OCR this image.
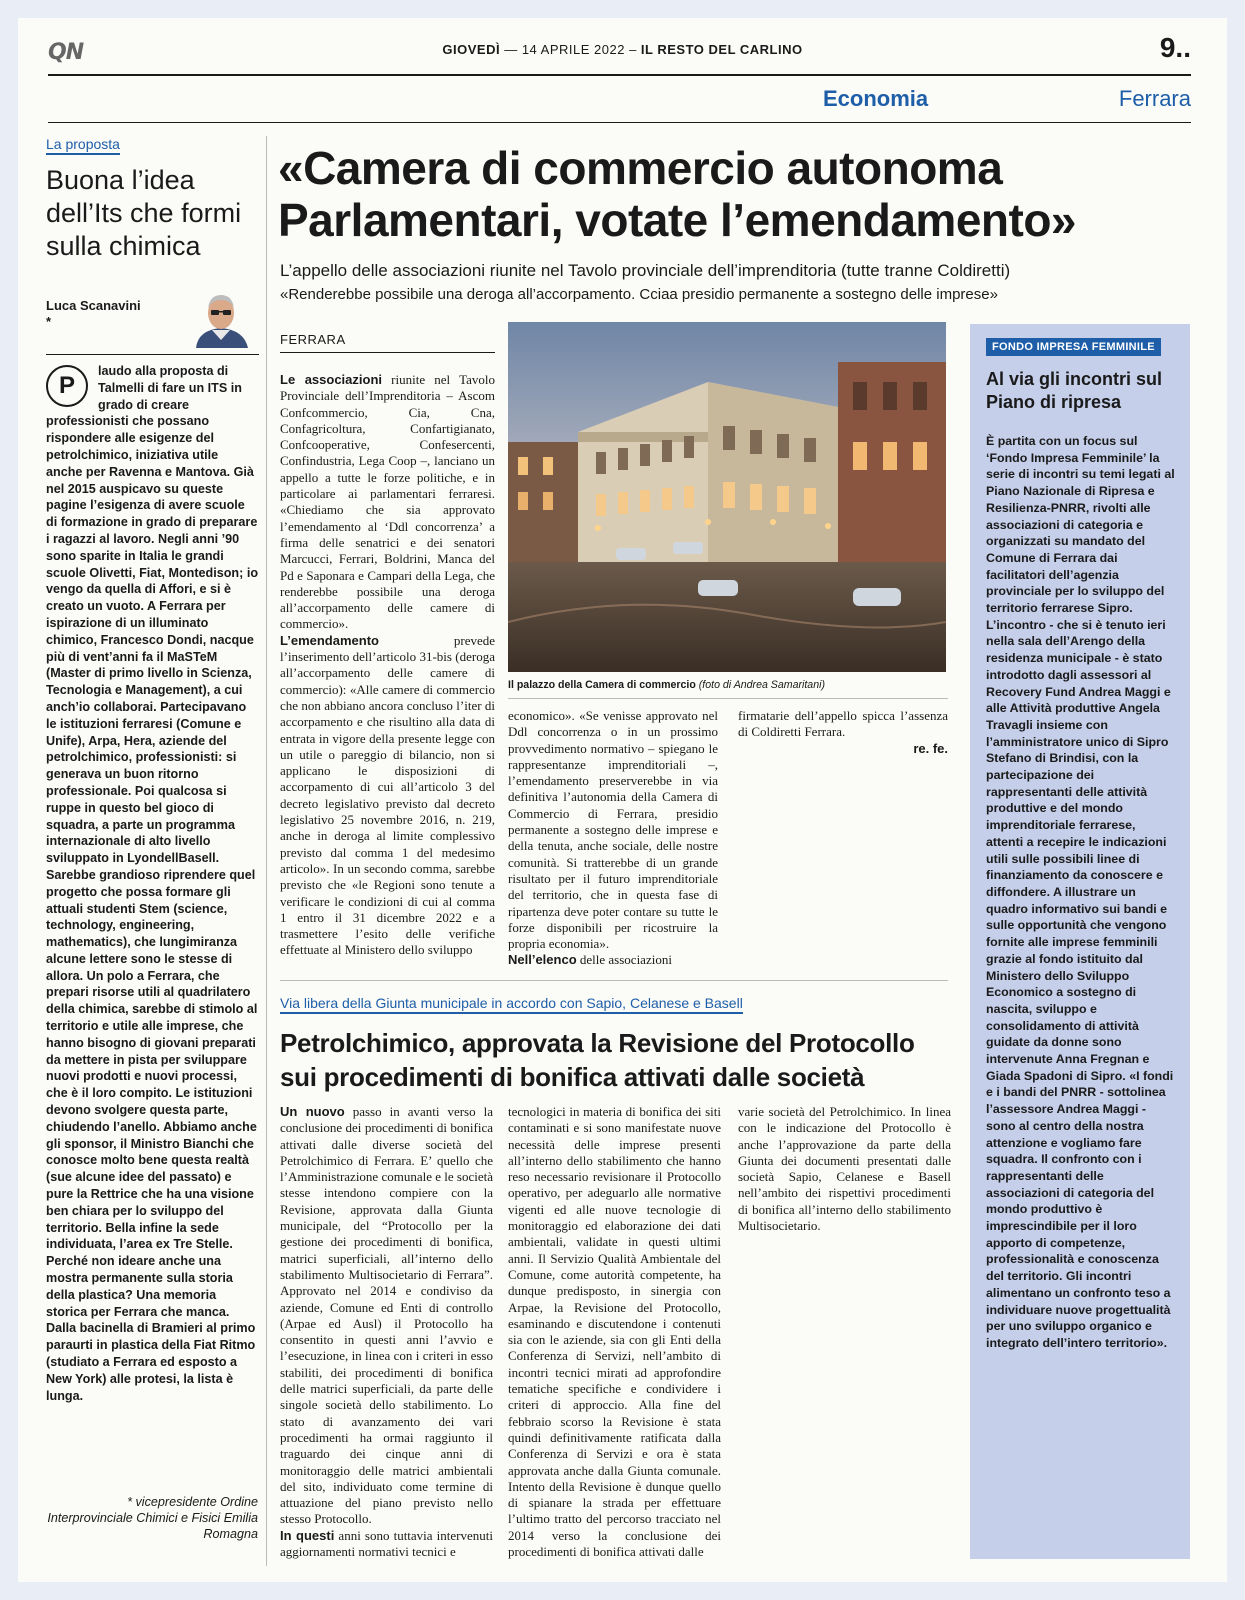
QN	GIOVEDÌ — 14 APRILE 2022 – IL RESTO DEL CARLINO	9..
Economia	Ferrara
La proposta
Buona l’idea dell’Its che formi sulla chimica
Luca Scanavini *
P
laudo alla proposta di Talmelli di fare un ITS in grado di creare professionisti che possano rispondere alle esigenze del petrolchimico, iniziativa utile anche per Ravenna e Mantova. Già nel 2015 auspicavo su queste pagine l’esigenza di avere scuole di formazione in grado di preparare i ragazzi al lavoro. Negli anni ’90 sono sparite in Italia le grandi scuole Olivetti, Fiat, Montedison; io vengo da quella di Affori, e si è creato un vuoto. A Ferrara per ispirazione di un illuminato chimico, Francesco Dondi, nacque più di vent’anni fa il MaSTeM (Master di primo livello in Scienza, Tecnologia e Management), a cui anch’io collaborai. Partecipavano le istituzioni ferraresi (Comune e Unife), Arpa, Hera, aziende del petrolchimico, professionisti: si generava un buon ritorno professionale. Poi qualcosa si ruppe in questo bel gioco di squadra, a parte un programma internazionale di alto livello sviluppato in LyondellBasell. Sarebbe grandioso riprendere quel progetto che possa formare gli attuali studenti Stem (science, technology, engineering, mathematics), che lungimiranza alcune lettere sono le stesse di allora. Un polo a Ferrara, che prepari risorse utili al quadrilatero della chimica, sarebbe di stimolo al territorio e utile alle imprese, che hanno bisogno di giovani preparati da mettere in pista per sviluppare nuovi prodotti e nuovi processi, che è il loro compito. Le istituzioni devono svolgere questa parte, chiudendo l’anello. Abbiamo anche gli sponsor, il Ministro Bianchi che conosce molto bene questa realtà (sue alcune idee del passato) e pure la Rettrice che ha una visione ben chiara per lo sviluppo del territorio. Bella infine la sede individuata, l’area ex Tre Stelle. Perché non ideare anche una mostra permanente sulla storia della plastica? Una memoria storica per Ferrara che manca. Dalla bacinella di Bramieri al primo paraurti in plastica della Fiat Ritmo (studiato a Ferrara ed esposto a New York) alle protesi, la lista è lunga.
* vicepresidente Ordine Interprovinciale Chimici e Fisici Emilia Romagna
«Camera di commercio autonoma Parlamentari, votate l’emendamento»
L’appello delle associazioni riunite nel Tavolo provinciale dell’imprenditoria (tutte tranne Coldiretti)
«Renderebbe possibile una deroga all’accorpamento. Cciaa presidio permanente a sostegno delle imprese»
FERRARA
Il palazzo della Camera di commercio (foto di Andrea Samaritani)

Le associazioni riunite nel Tavolo Provinciale dell’Imprenditoria – Ascom Confcommercio, Cia, Cna, Confagricoltura, Confartigianato, Confcooperative, Confesercenti, Confindustria, Lega Coop –, lanciano un appello a tutte le forze politiche, e in particolare ai parlamentari ferraresi. «Chiediamo che sia approvato l’emendamento al ‘Ddl concorrenza’ a firma delle senatrici e dei senatori Marcucci, Ferrari, Boldrini, Manca del Pd e Saponara e Campari della Lega, che renderebbe possibile una deroga all’accorpamento delle camere di commercio».

L’emendamento prevede l’inserimento dell’articolo 31-bis (deroga all’accorpamento delle camere di commercio): «Alle camere di commercio che non abbiano ancora concluso l’iter di accorpamento e che risultino alla data di entrata in vigore della presente legge con un utile o pareggio di bilancio, non si applicano le disposizioni di accorpamento di cui all’articolo 3 del decreto legislativo previsto dal decreto legislativo 25 novembre 2016, n. 219, anche in deroga al limite complessivo previsto dal comma 1 del medesimo articolo». In un secondo comma, sarebbe previsto che «le Regioni sono tenute a verificare le condizioni di cui al comma 1 entro il 31 dicembre 2022 e a trasmettere l’esito delle verifiche effettuate al Ministero dello sviluppo

economico». «Se venisse approvato nel Ddl concorrenza o in un prossimo provvedimento normativo – spiegano le rappresentanze imprenditoriali –, l’emendamento preserverebbe in via definitiva l’autonomia della Camera di Commercio di Ferrara, presidio permanente a sostegno delle imprese e della tenuta, anche sociale, delle nostre comunità. Si tratterebbe di un grande risultato per il futuro imprenditoriale del territorio, che in questa fase di ripartenza deve poter contare su tutte le forze disponibili per ricostruire la propria economia».

Nell’elenco delle associazioni

firmatarie dell’appello spicca l’assenza di Coldiretti Ferrara.

re. fe.
FONDO IMPRESA FEMMINILE
Al via gli incontri sul Piano di ripresa
È partita con un focus sul ‘Fondo Impresa Femminile’ la serie di incontri su temi legati al Piano Nazionale di Ripresa e Resilienza-PNRR, rivolti alle associazioni di categoria e organizzati su mandato del Comune di Ferrara dai facilitatori dell’agenzia provinciale per lo sviluppo del territorio ferrarese Sipro. L’incontro - che si è tenuto ieri nella sala dell’Arengo della residenza municipale - è stato introdotto dagli assessori al Recovery Fund Andrea Maggi e alle Attività produttive Angela Travagli insieme con l’amministratore unico di Sipro Stefano di Brindisi, con la partecipazione dei rappresentanti delle attività produttive e del mondo imprenditoriale ferrarese, attenti a recepire le indicazioni utili sulle possibili linee di finanziamento da conoscere e diffondere. A illustrare un quadro informativo sui bandi e sulle opportunità che vengono fornite alle imprese femminili grazie al fondo istituito dal Ministero dello Sviluppo Economico a sostegno di nascita, sviluppo e consolidamento di attività guidate da donne sono intervenute Anna Fregnan e Giada Spadoni di Sipro. «I fondi e i bandi del PNRR - sottolinea l’assessore Andrea Maggi - sono al centro della nostra attenzione e vogliamo fare squadra. Il confronto con i rappresentanti delle associazioni di categoria del mondo produttivo è imprescindibile per il loro apporto di competenze, professionalità e conoscenza del territorio. Gli incontri alimentano un confronto teso a individuare nuove progettualità per uno sviluppo organico e integrato dell’intero territorio».
Via libera della Giunta municipale in accordo con Sapio, Celanese e Basell
Petrolchimico, approvata la Revisione del Protocollo sui procedimenti di bonifica attivati dalle società

Un nuovo passo in avanti verso la conclusione dei procedimenti di bonifica attivati dalle diverse società del Petrolchimico di Ferrara. E’ quello che l’Amministrazione comunale e le società stesse intendono compiere con la Revisione, approvata dalla Giunta municipale, del “Protocollo per la gestione dei procedimenti di bonifica, matrici superficiali, all’interno dello stabilimento Multisocietario di Ferrara”. Approvato nel 2014 e condiviso da aziende, Comune ed Enti di controllo (Arpae ed Ausl) il Protocollo ha consentito in questi anni l’avvio e l’esecuzione, in linea con i criteri in esso stabiliti, dei procedimenti di bonifica delle matrici superficiali, da parte delle singole società dello stabilimento. Lo stato di avanzamento dei vari procedimenti ha ormai raggiunto il traguardo dei cinque anni di monitoraggio delle matrici ambientali del sito, individuato come termine di attuazione del piano previsto nello stesso Protocollo.

In questi anni sono tuttavia intervenuti aggiornamenti normativi tecnici e

tecnologici in materia di bonifica dei siti contaminati e si sono manifestate nuove necessità delle imprese presenti all’interno dello stabilimento che hanno reso necessario revisionare il Protocollo operativo, per adeguarlo alle normative vigenti ed alle nuove tecnologie di monitoraggio ed elaborazione dei dati ambientali, validate in questi ultimi anni. Il Servizio Qualità Ambientale del Comune, come autorità competente, ha dunque predisposto, in sinergia con Arpae, la Revisione del Protocollo, esaminando e discutendone i contenuti sia con le aziende, sia con gli Enti della Conferenza di Servizi, nell’ambito di incontri tecnici mirati ad approfondire tematiche specifiche e condividere i criteri di approccio. Alla fine del febbraio scorso la Revisione è stata quindi definitivamente ratificata dalla Conferenza di Servizi e ora è stata approvata anche dalla Giunta comunale. Intento della Revisione è dunque quello di spianare la strada per effettuare l’ultimo tratto del percorso tracciato nel 2014 verso la conclusione dei procedimenti di bonifica attivati dalle

varie società del Petrolchimico. In linea con le indicazione del Protocollo è anche l’approvazione da parte della Giunta dei documenti presentati dalle società Sapio, Celanese e Basell nell’ambito dei rispettivi procedimenti di bonifica all’interno dello stabilimento Multisocietario.
